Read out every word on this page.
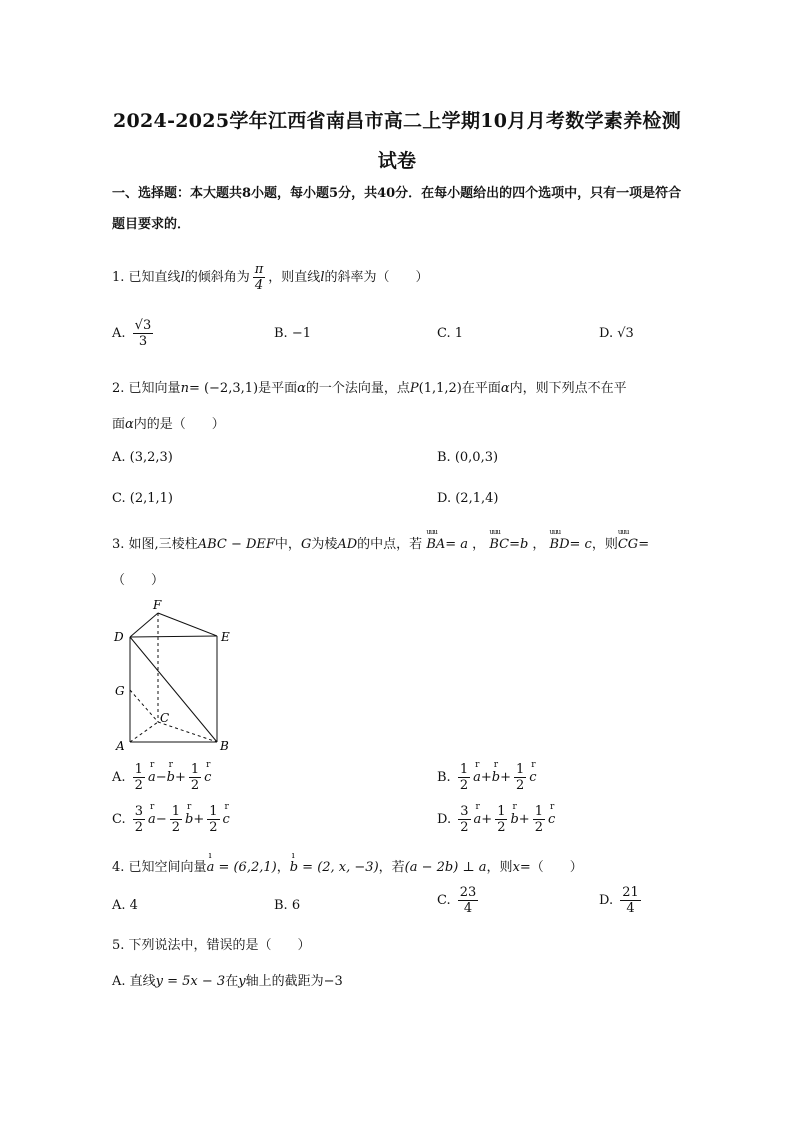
2024-2025学年江西省南昌市高二上学期10月月考数学素养检测
试卷
一、选择题：本大题共8小题，每小题5分，共40分．在每小题给出的四个选项中，只有一项是符合题目要求的．
1. 已知直线l的倾斜角为 $\frac{\pi}{4}$ ，则直线l的斜率为（　　）
A. $\frac{√3}{3}$	B. −1	C. 1	D. √3
2. 已知向量n= (−2,3,1)是平面α的一个法向量，点P(1,1,2)在平面α内，则下列点不在平
面α内的是（　　）
A. (3,2,3)	B. (0,0,3)
C. (2,1,1)	D. (2,1,4)
3. 如图,三棱柱ABC − DEF中，G为棱AD的中点，若 uuu BA= a ， uuu BC=b ， uuu BD= c，则uuu CG=
（　　）
F
D	E
G
C
A	B
A. $\frac{1}{2}$ r a−r $b+ \frac{1}{2}$ r c	B. $\frac{1}{2}$ r a+r $b+ \frac{1}{2}$ r c
C. $\frac{3}{2}$ r $a- \frac{1}{2}$ r $b+ \frac{1}{2}$ r c	D. $\frac{3}{2}$ r $a+ \frac{1}{2}$ r $b+ \frac{1}{2}$ r c
4. 已知空间向量ı a = (6,2,1)，ı b = (2, x, −3)，若(a − 2b) ⊥ a，则x=（　　）
A. 4	B. 6	C. $\frac{23}{4}$	D. $\frac{21}{4}$
5. 下列说法中，错误的是（　　）
A. 直线y = 5x − 3在y轴上的截距为−3
